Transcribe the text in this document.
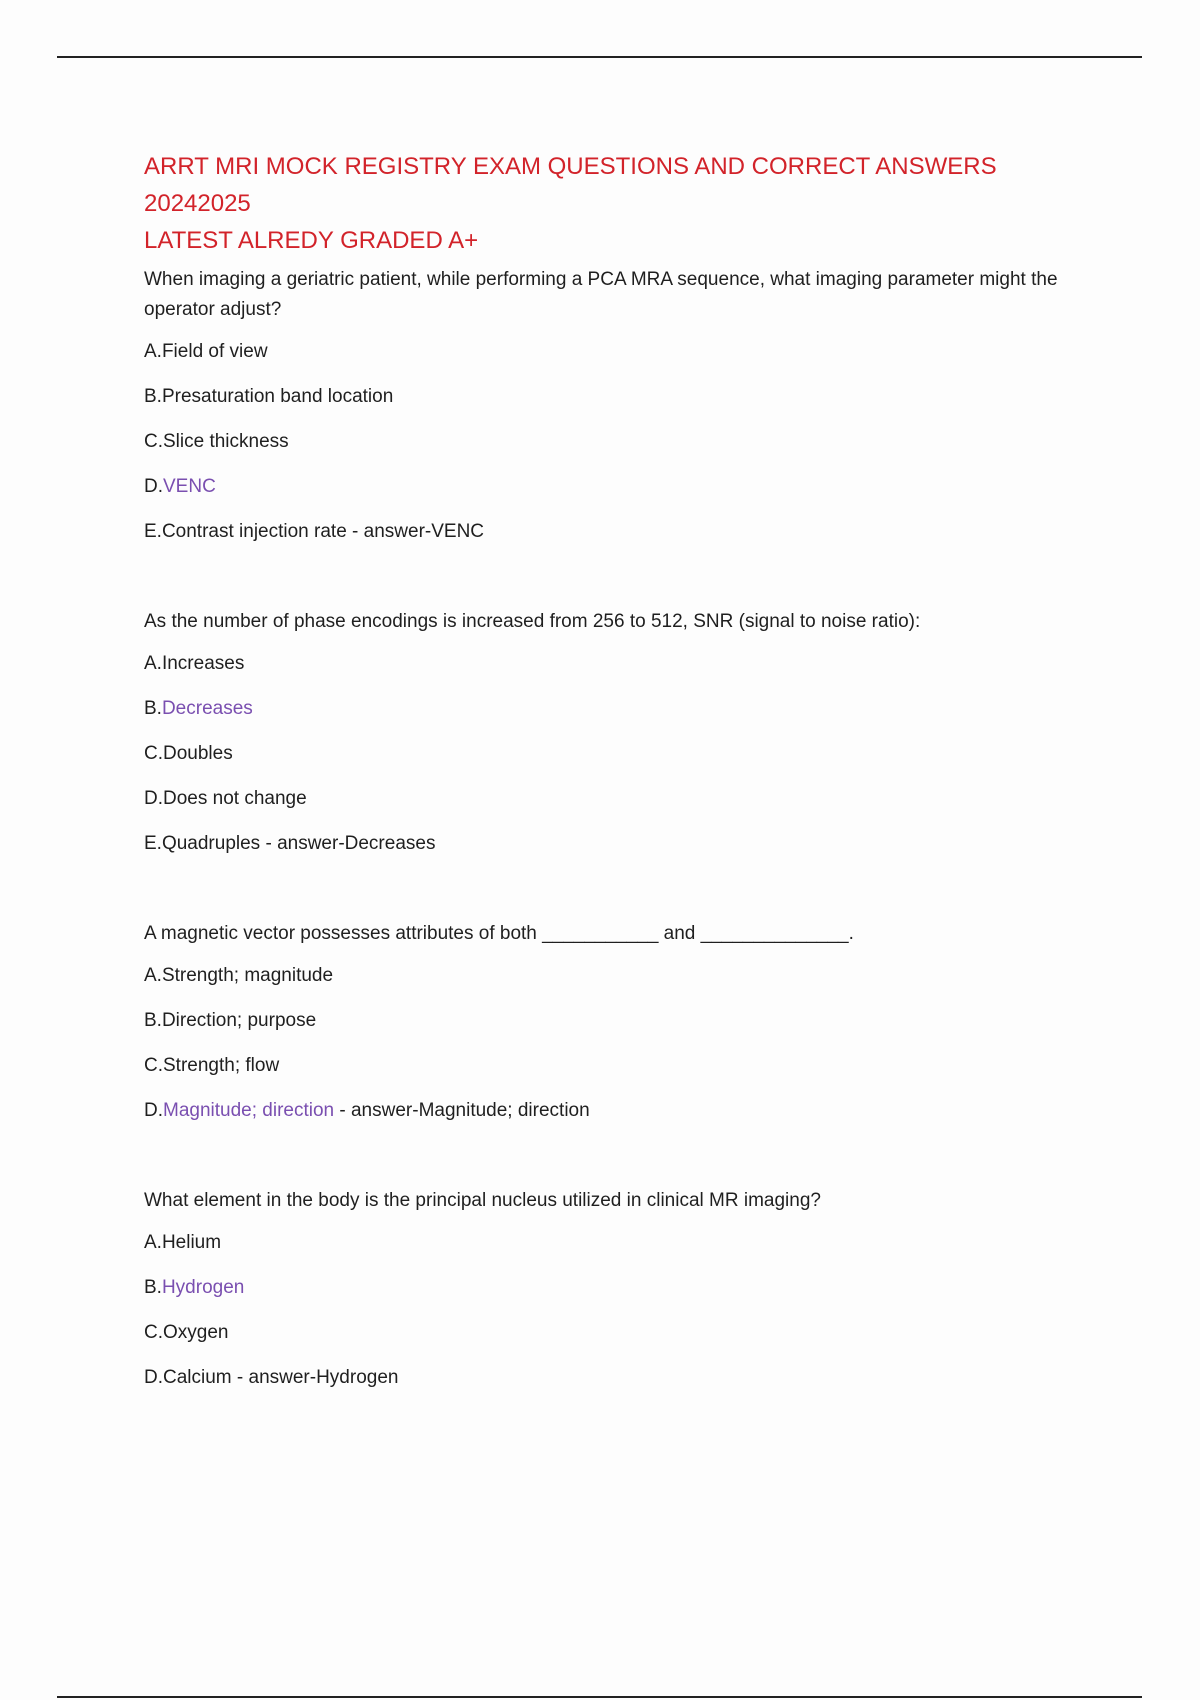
ARRT MRI MOCK REGISTRY EXAM QUESTIONS AND CORRECT ANSWERS 20242025
LATEST ALREDY GRADED A+
When imaging a geriatric patient, while performing a PCA MRA sequence, what imaging parameter might the operator adjust?
A.Field of view
B.Presaturation band location
C.Slice thickness
D.VENC
E.Contrast injection rate - answer-VENC
As the number of phase encodings is increased from 256 to 512, SNR (signal to noise ratio):
A.Increases
B.Decreases
C.Doubles
D.Does not change
E.Quadruples - answer-Decreases
A magnetic vector possesses attributes of both ___________ and ______________.
A.Strength; magnitude
B.Direction; purpose
C.Strength; flow
D.Magnitude; direction - answer-Magnitude; direction
What element in the body is the principal nucleus utilized in clinical MR imaging?
A.Helium
B.Hydrogen
C.Oxygen
D.Calcium - answer-Hydrogen
